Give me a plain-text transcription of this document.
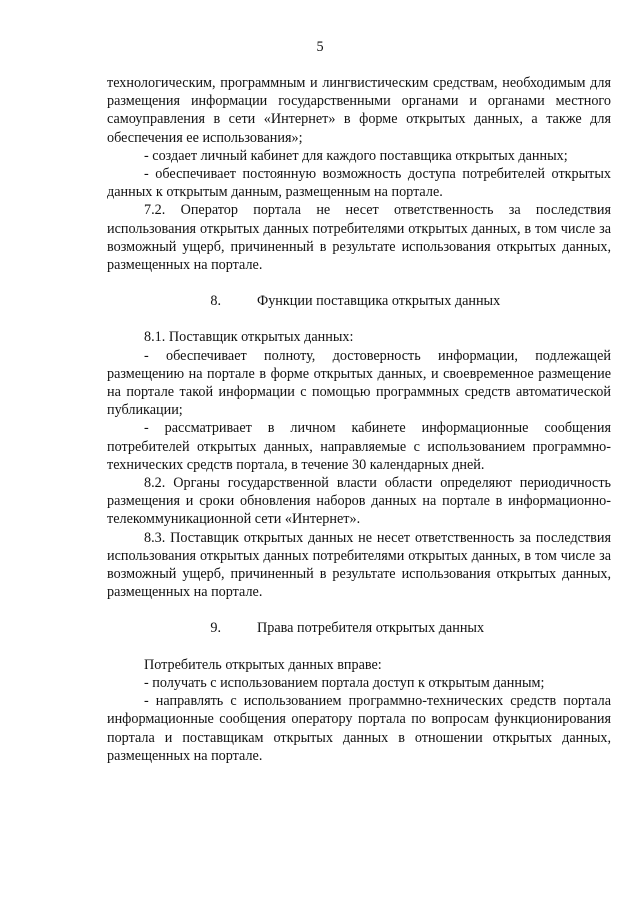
5

технологическим, программным и лингвистическим средствам, необходимым для размещения информации государственными органами и органами местного самоуправления в сети «Интернет» в форме открытых данных, а также для обеспечения ее использования»;

- создает личный кабинет для каждого поставщика открытых данных;

- обеспечивает постоянную возможность доступа потребителей открытых данных к открытым данным, размещенным на портале.

7.2. Оператор портала не несет ответственность за последствия использования открытых данных потребителями открытых данных, в том числе за возможный ущерб, причиненный в результате использования открытых данных, размещенных на портале.

8.	Функции поставщика открытых данных

8.1. Поставщик открытых данных:

- обеспечивает полноту, достоверность информации, подлежащей размещению на портале в форме открытых данных, и своевременное размещение на портале такой информации с помощью программных средств автоматической публикации;

- рассматривает в личном кабинете информационные сообщения потребителей открытых данных, направляемые с использованием программно-технических средств портала, в течение 30 календарных дней.

8.2. Органы государственной власти области определяют периодичность размещения и сроки обновления наборов данных на портале в информационно-телекоммуникационной сети «Интернет».

8.3. Поставщик открытых данных не несет ответственность за последствия использования открытых данных потребителями открытых данных, в том числе за возможный ущерб, причиненный в результате использования открытых данных, размещенных на портале.

9.	Права потребителя открытых данных

Потребитель открытых данных вправе:

- получать с использованием портала доступ к открытым данным;

- направлять с использованием программно-технических средств портала информационные сообщения оператору портала по вопросам функционирования портала и поставщикам открытых данных в отношении открытых данных, размещенных на портале.
